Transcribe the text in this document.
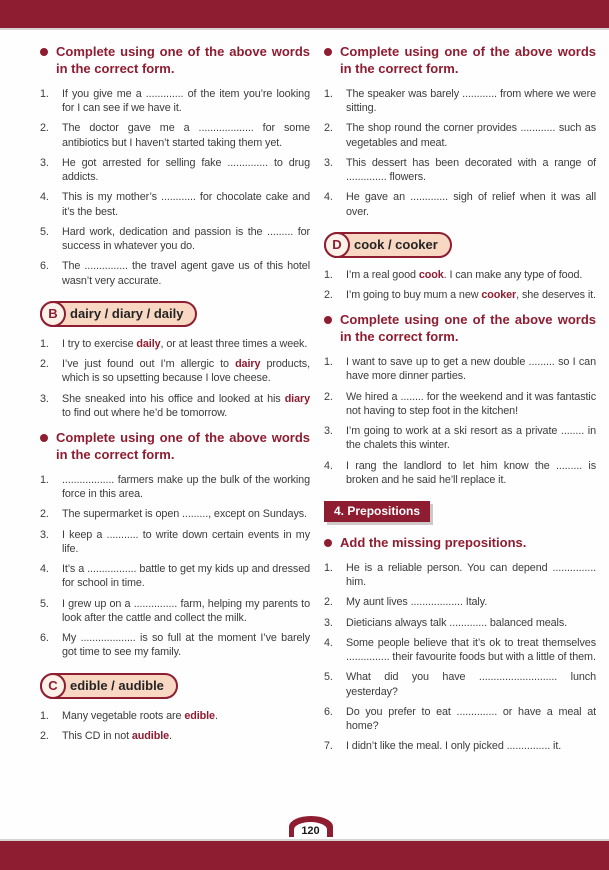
Complete using one of the above words in the correct form.
1.	If you give me a ............. of the item you’re looking for I can see if we have it.
2.	The doctor gave me a ................... for some antibiotics but I haven’t started taking them yet.
3.	He got arrested for selling fake .............. to drug addicts.
4.	This is my mother’s ............ for chocolate cake and it’s the best.
5.	Hard work, dedication and passion is the ......... for success in whatever you do.
6.	The ............... the travel agent gave us of this hotel wasn’t very accurate.
B dairy / diary / daily
1.	I try to exercise daily, or at least three times a week.
2.	I’ve just found out I’m allergic to dairy products, which is so upsetting because I love cheese.
3.	She sneaked into his office and looked at his diary to find out where he’d be tomorrow.
Complete using one of the above words in the correct form.
1.	.................. farmers make up the bulk of the working force in this area.
2.	The supermarket is open ........., except on Sundays.
3.	I keep a ........... to write down certain events in my life.
4.	It’s a ................. battle to get my kids up and dressed for school in time.
5.	I grew up on a ............... farm, helping my parents to look after the cattle and collect the milk.
6.	My ................... is so full at the moment I’ve barely got time to see my family.
C edible / audible
1.	Many vegetable roots are edible.
2.	This CD in not audible.
Complete using one of the above words in the correct form.
1.	The speaker was barely ............ from where we were sitting.
2.	The shop round the corner provides ............ such as vegetables and meat.
3.	This dessert has been decorated with a range of .............. flowers.
4.	He gave an ............. sigh of relief when it was all over.
D cook / cooker
1.	I’m a real good cook. I can make any type of food.
2.	I’m going to buy mum a new cooker, she deserves it.
Complete using one of the above words in the correct form.
1.	I want to save up to get a new double ......... so I can have more dinner parties.
2.	We hired a ........ for the weekend and it was fantastic not having to step foot in the kitchen!
3.	I’m going to work at a ski resort as a private ........ in the chalets this winter.
4.	I rang the landlord to let him know the ......... is broken and he said he’ll replace it.
4. Prepositions
Add the missing prepositions.
1.	He is a reliable person. You can depend ............... him.
2.	My aunt lives .................. Italy.
3.	Dieticians always talk ............. balanced meals.
4.	Some people believe that it’s ok to treat themselves ............... their favourite foods but with a little of them.
5.	What did you have ........................... lunch yesterday?
6.	Do you prefer to eat .............. or have a meal at home?
7.	I didn’t like the meal. I only picked ............... it.
120
